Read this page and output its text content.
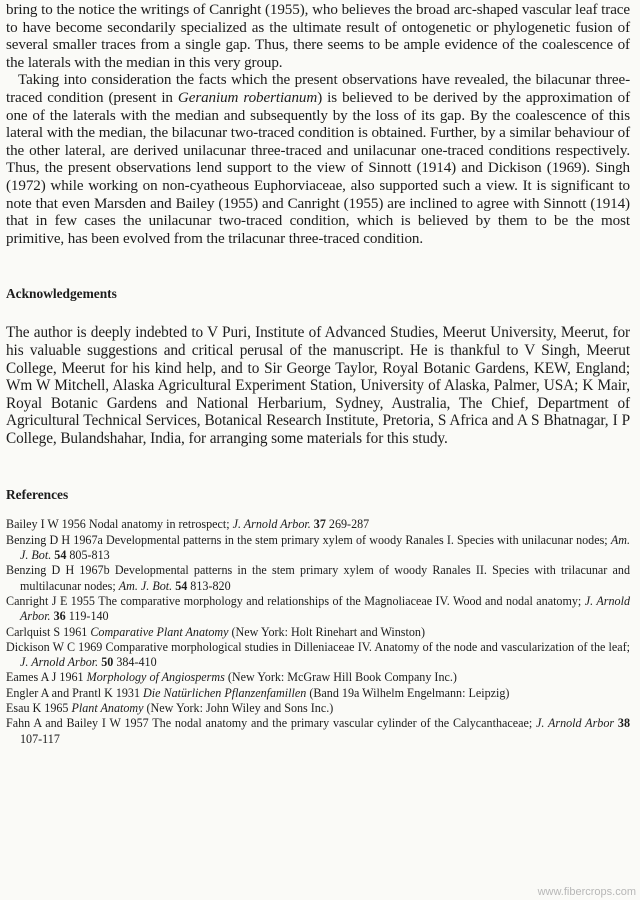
bring to the notice the writings of Canright (1955), who believes the broad arc-shaped vascular leaf trace to have become secondarily specialized as the ultimate result of ontogenetic or phylogenetic fusion of several smaller traces from a single gap. Thus, there seems to be ample evidence of the coalescence of the laterals with the median in this very group.

Taking into consideration the facts which the present observations have revealed, the bilacunar three-traced condition (present in Geranium robertianum) is believed to be derived by the approximation of one of the laterals with the median and subsequently by the loss of its gap. By the coalescence of this lateral with the median, the bilacunar two-traced condition is obtained. Further, by a similar behaviour of the other lateral, are derived unilacunar three-traced and unilacunar one-traced conditions respectively. Thus, the present observations lend support to the view of Sinnott (1914) and Dickison (1969). Singh (1972) while working on non-cyatheous Euphorviaceae, also supported such a view. It is significant to note that even Marsden and Bailey (1955) and Canright (1955) are inclined to agree with Sinnott (1914) that in few cases the unilacunar two-traced condition, which is believed by them to be the most primitive, has been evolved from the trilacunar three-traced condition.

Acknowledgements

The author is deeply indebted to V Puri, Institute of Advanced Studies, Meerut University, Meerut, for his valuable suggestions and critical perusal of the manuscript. He is thankful to V Singh, Meerut College, Meerut for his kind help, and to Sir George Taylor, Royal Botanic Gardens, KEW, England; Wm W Mitchell, Alaska Agricultural Experiment Station, University of Alaska, Palmer, USA; K Mair, Royal Botanic Gardens and National Herbarium, Sydney, Australia, The Chief, Department of Agricultural Technical Services, Botanical Research Institute, Pretoria, S Africa and A S Bhatnagar, I P College, Bulandshahar, India, for arranging some materials for this study.

References

Bailey I W 1956 Nodal anatomy in retrospect; J. Arnold Arbor. 37 269-287

Benzing D H 1967a Developmental patterns in the stem primary xylem of woody Ranales I. Species with unilacunar nodes; Am. J. Bot. 54 805-813

Benzing D H 1967b Developmental patterns in the stem primary xylem of woody Ranales II. Species with trilacunar and multilacunar nodes; Am. J. Bot. 54 813-820

Canright J E 1955 The comparative morphology and relationships of the Magnoliaceae IV. Wood and nodal anatomy; J. Arnold Arbor. 36 119-140

Carlquist S 1961 Comparative Plant Anatomy (New York: Holt Rinehart and Winston)

Dickison W C 1969 Comparative morphological studies in Dilleniaceae IV. Anatomy of the node and vascularization of the leaf; J. Arnold Arbor. 50 384-410

Eames A J 1961 Morphology of Angiosperms (New York: McGraw Hill Book Company Inc.)

Engler A and Prantl K 1931 Die Natürlichen Pflanzenfamillen (Band 19a Wilhelm Engelmann: Leipzig)

Esau K 1965 Plant Anatomy (New York: John Wiley and Sons Inc.)

Fahn A and Bailey I W 1957 The nodal anatomy and the primary vascular cylinder of the Calycanthaceae; J. Arnold Arbor 38 107-117

www.fibercrops.com
